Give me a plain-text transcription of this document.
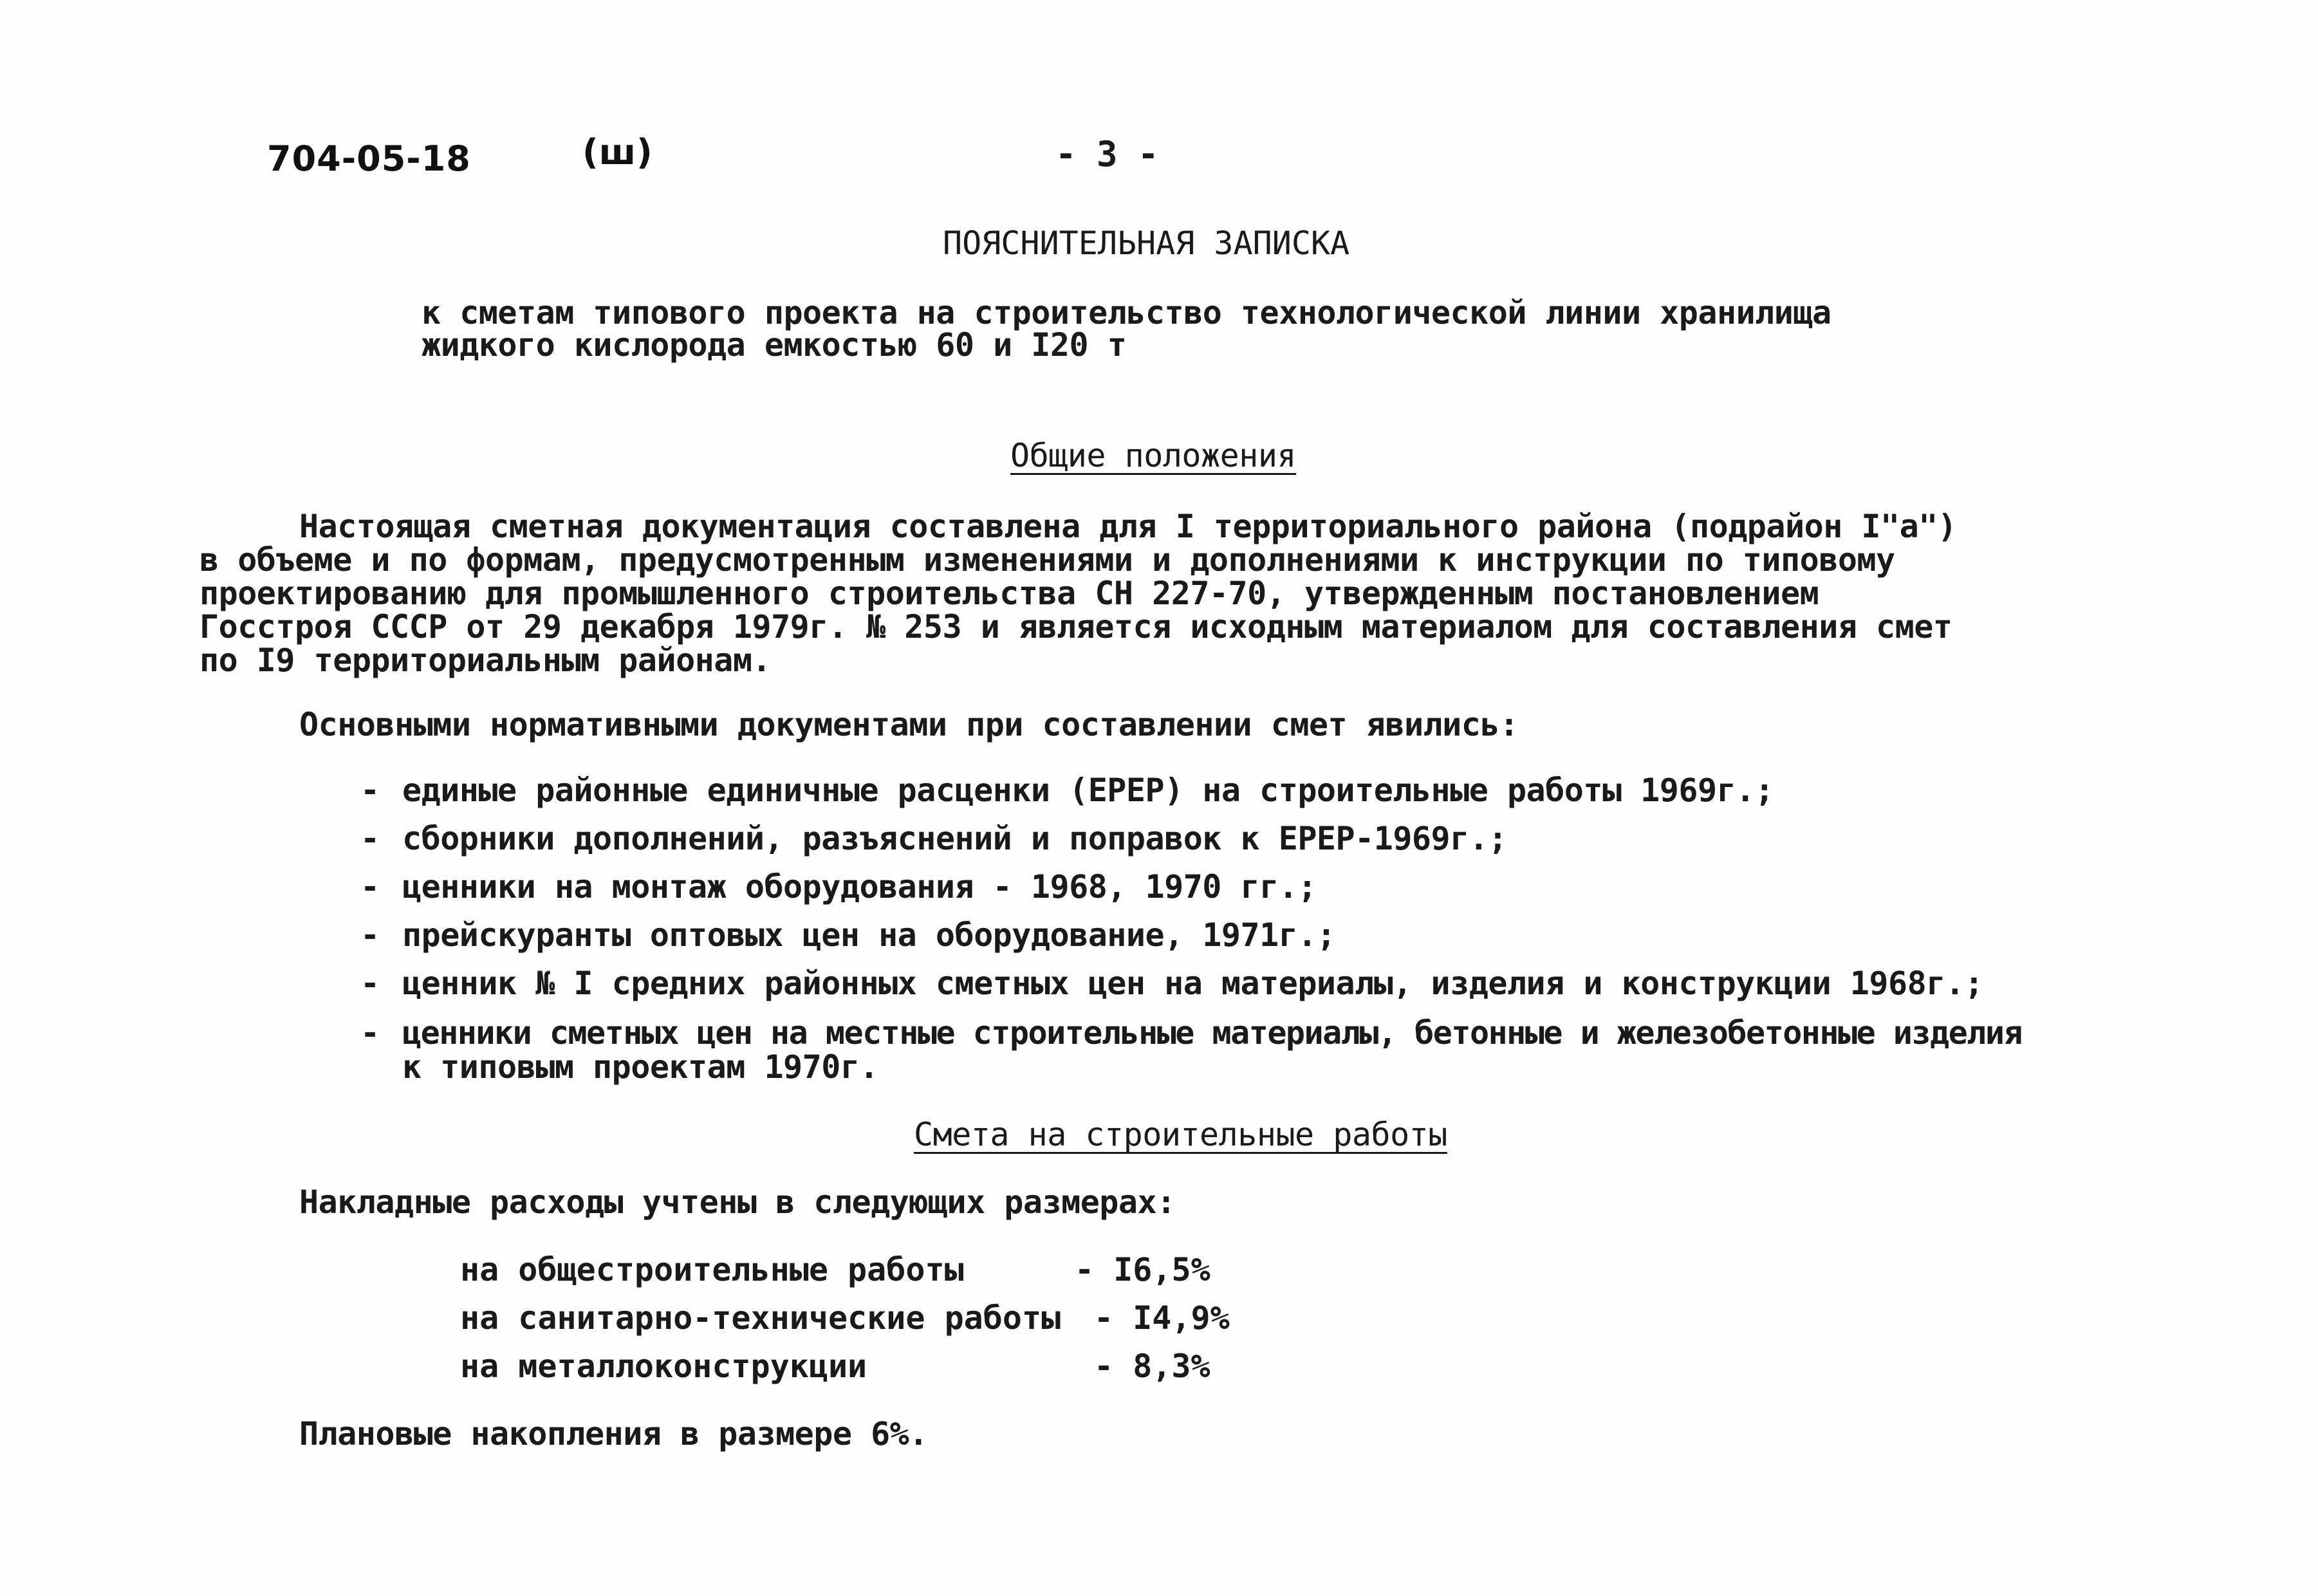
704-05-18	(ш)	- 3 -
ПОЯСНИТЕЛЬНАЯ ЗАПИСКА
к сметам типового проекта на строительство технологической линии хранилища
жидкого кислорода емкостью 60 и I20 т
Общие положения
Настоящая сметная документация составлена для I территориального района (подрайон I"а")
в объеме и по формам, предусмотренным изменениями и дополнениями к инструкции по типовому
проектированию для промышленного строительства СН 227-70, утвержденным постановлением
Госстроя СССР от 29 декабря 1979г. № 253 и является исходным материалом для составления смет
по I9 территориальным районам.
Основными нормативными документами при составлении смет явились:
- единые районные единичные расценки (ЕРЕР) на строительные работы 1969г.;
- сборники дополнений, разъяснений и поправок к ЕРЕР-1969г.;
- ценники на монтаж оборудования - 1968, 1970 гг.;
- прейскуранты оптовых цен на оборудование, 1971г.;
- ценник № I средних районных сметных цен на материалы, изделия и конструкции 1968г.;
- ценники сметных цен на местные строительные материалы, бетонные и железобетонные изделия
к типовым проектам 1970г.
Смета на строительные работы
Накладные расходы учтены в следующих размерах:
на общестроительные работы	- I6,5%
на санитарно-технические работы - I4,9%
на металлоконструкции	- 8,3%
Плановые накопления в размере 6%.
